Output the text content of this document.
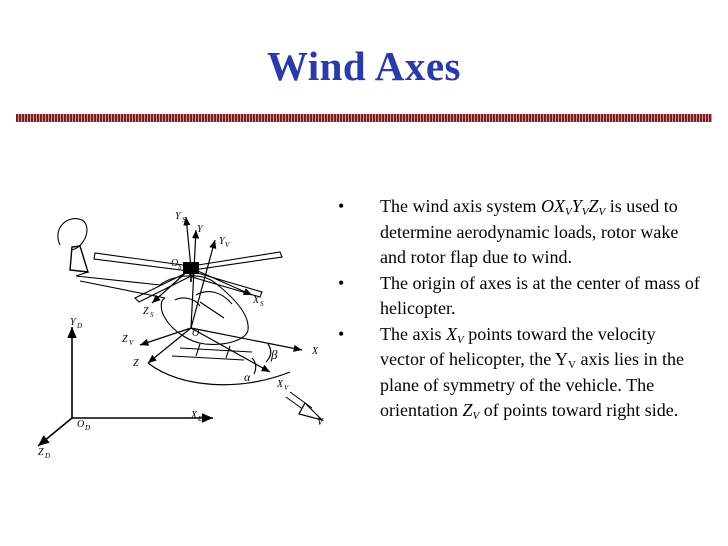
Wind Axes
Y S
Y
Y V
O S
X S
Z S
Y D
Z V
O
Z
β	X
α
X V
V
O D
X D
Z D
• The wind axis system $OX_VY_VZ_V$ is used to determine aerodynamic loads, rotor wake and rotor flap due to wind.
• The origin of axes is at the center of mass of helicopter.
• The axis $X_V$ points toward the velocity vector of helicopter, the $Y_V$ axis lies in the plane of symmetry of the vehicle. The orientation $Z_V$ of points toward right side.
